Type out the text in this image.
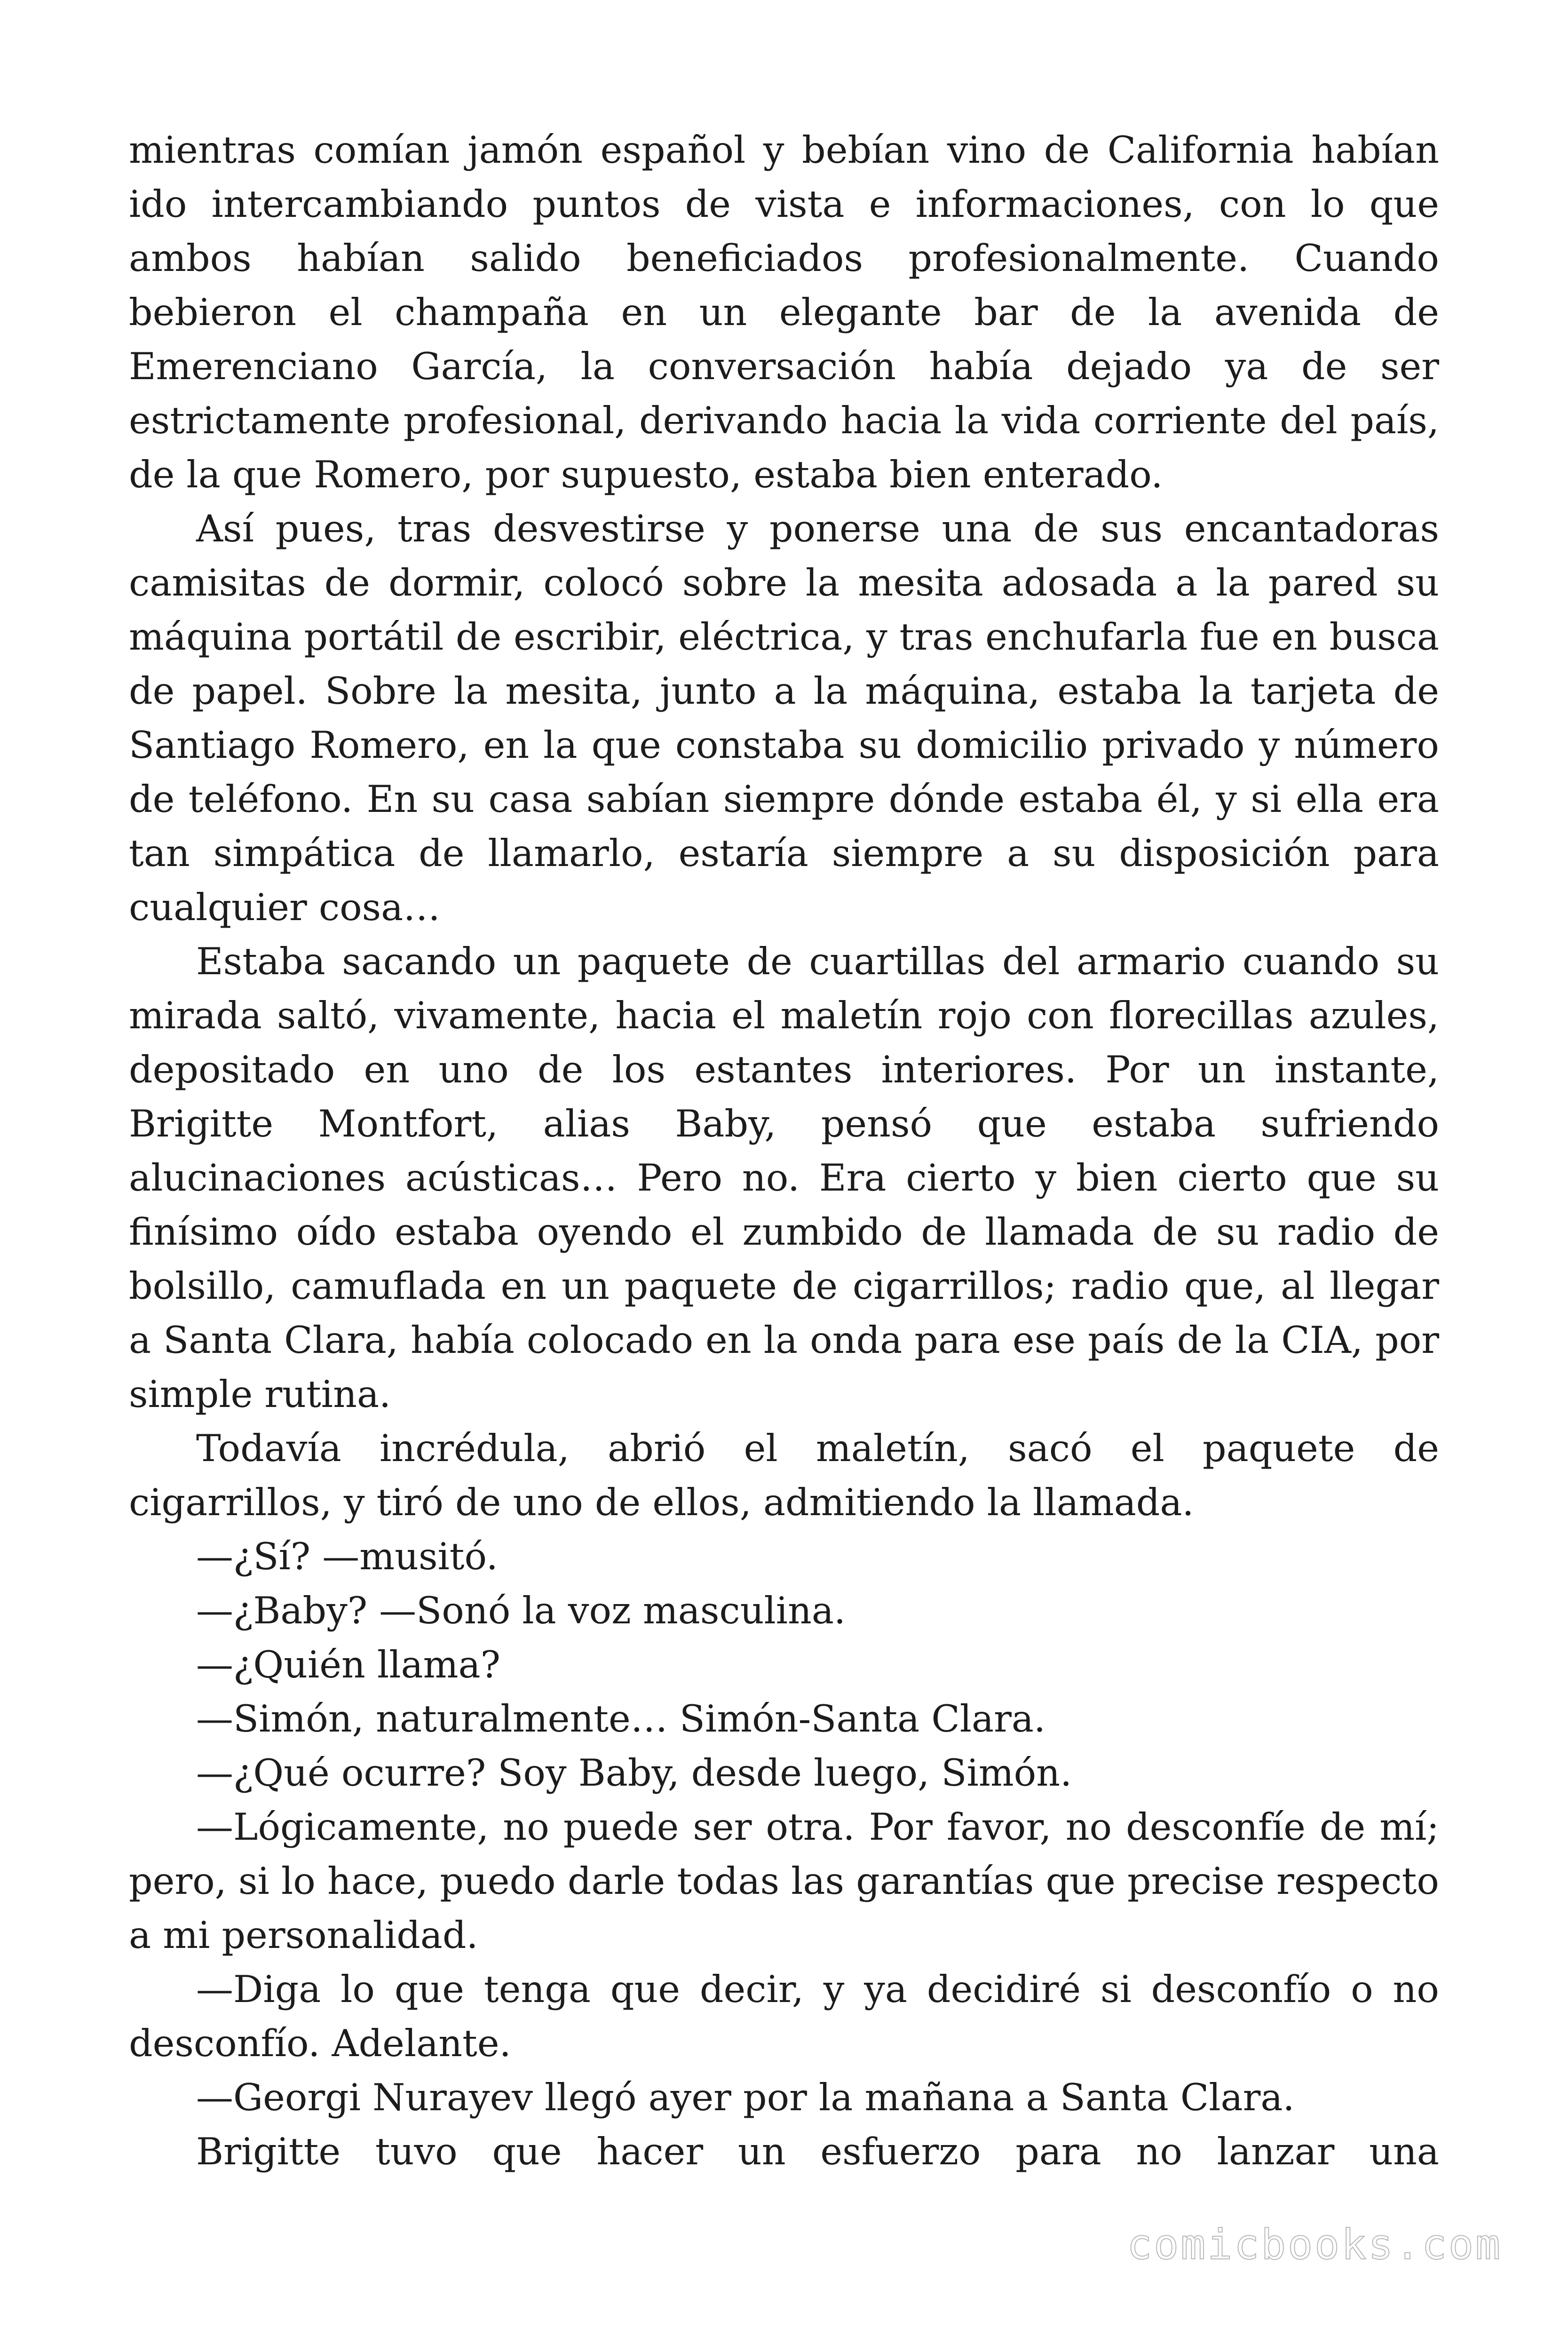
mientras comían jamón español y bebían vino de California habían ido intercambiando puntos de vista e informaciones, con lo que ambos habían salido beneficiados profesionalmente. Cuando bebieron el champaña en un elegante bar de la avenida de Emerenciano García, la conversación había dejado ya de ser estrictamente profesional, derivando hacia la vida corriente del país, de la que Romero, por supuesto, estaba bien enterado.

Así pues, tras desvestirse y ponerse una de sus encantadoras camisitas de dormir, colocó sobre la mesita adosada a la pared su máquina portátil de escribir, eléctrica, y tras enchufarla fue en busca de papel. Sobre la mesita, junto a la máquina, estaba la tarjeta de Santiago Romero, en la que constaba su domicilio privado y número de teléfono. En su casa sabían siempre dónde estaba él, y si ella era tan simpática de llamarlo, estaría siempre a su disposición para cualquier cosa…

Estaba sacando un paquete de cuartillas del armario cuando su mirada saltó, vivamente, hacia el maletín rojo con florecillas azules, depositado en uno de los estantes interiores. Por un instante, Brigitte Montfort, alias Baby, pensó que estaba sufriendo alucinaciones acústicas… Pero no. Era cierto y bien cierto que su finísimo oído estaba oyendo el zumbido de llamada de su radio de bolsillo, camuflada en un paquete de cigarrillos; radio que, al llegar a Santa Clara, había colocado en la onda para ese país de la CIA, por simple rutina.

Todavía incrédula, abrió el maletín, sacó el paquete de cigarrillos, y tiró de uno de ellos, admitiendo la llamada.

—¿Sí? —musitó.

—¿Baby? —Sonó la voz masculina.

—¿Quién llama?

—Simón, naturalmente… Simón-Santa Clara.

—¿Qué ocurre? Soy Baby, desde luego, Simón.

—Lógicamente, no puede ser otra. Por favor, no desconfíe de mí; pero, si lo hace, puedo darle todas las garantías que precise respecto a mi personalidad.

—Diga lo que tenga que decir, y ya decidiré si desconfío o no desconfío. Adelante.

—Georgi Nurayev llegó ayer por la mañana a Santa Clara.

Brigitte tuvo que hacer un esfuerzo para no lanzar una

comicbooks.com
